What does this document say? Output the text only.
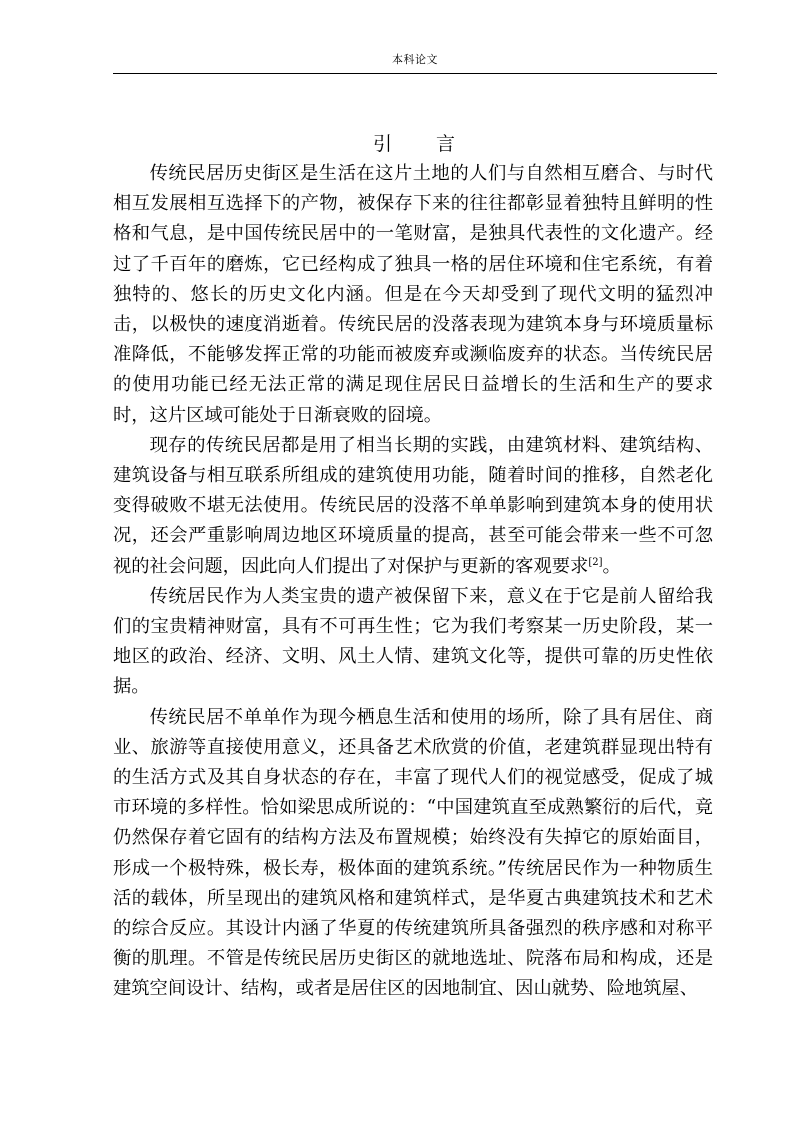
本科论文
引 言

传统民居历史街区是生活在这片土地的人们与自然相互磨合、与时代相互发展相互选择下的产物，被保存下来的往往都彰显着独特且鲜明的性格和气息，是中国传统民居中的一笔财富，是独具代表性的文化遗产。经过了千百年的磨炼，它已经构成了独具一格的居住环境和住宅系统，有着独特的、悠长的历史文化内涵。但是在今天却受到了现代文明的猛烈冲击，以极快的速度消逝着。传统民居的没落表现为建筑本身与环境质量标准降低，不能够发挥正常的功能而被废弃或濒临废弃的状态。当传统民居的使用功能已经无法正常的满足现住居民日益增长的生活和生产的要求时，这片区域可能处于日渐衰败的囧境。

现存的传统民居都是用了相当长期的实践，由建筑材料、建筑结构、建筑设备与相互联系所组成的建筑使用功能，随着时间的推移，自然老化变得破败不堪无法使用。传统民居的没落不单单影响到建筑本身的使用状况，还会严重影响周边地区环境质量的提高，甚至可能会带来一些不可忽视的社会问题，因此向人们提出了对保护与更新的客观要求[2]。

传统居民作为人类宝贵的遗产被保留下来，意义在于它是前人留给我们的宝贵精神财富，具有不可再生性；它为我们考察某一历史阶段，某一地区的政治、经济、文明、风土人情、建筑文化等，提供可靠的历史性依据。

传统民居不单单作为现今栖息生活和使用的场所，除了具有居住、商业、旅游等直接使用意义，还具备艺术欣赏的价值，老建筑群显现出特有的生活方式及其自身状态的存在，丰富了现代人们的视觉感受，促成了城市环境的多样性。恰如梁思成所说的：“中国建筑直至成熟繁衍的后代，竟仍然保存着它固有的结构方法及布置规模；始终没有失掉它的原始面目，形成一个极特殊，极长寿，极体面的建筑系统。”传统居民作为一种物质生活的载体，所呈现出的建筑风格和建筑样式，是华夏古典建筑技术和艺术的综合反应。其设计内涵了华夏的传统建筑所具备强烈的秩序感和对称平衡的肌理。不管是传统民居历史街区的就地选址、院落布局和构成，还是建筑空间设计、结构，或者是居住区的因地制宜、因山就势、险地筑屋、
